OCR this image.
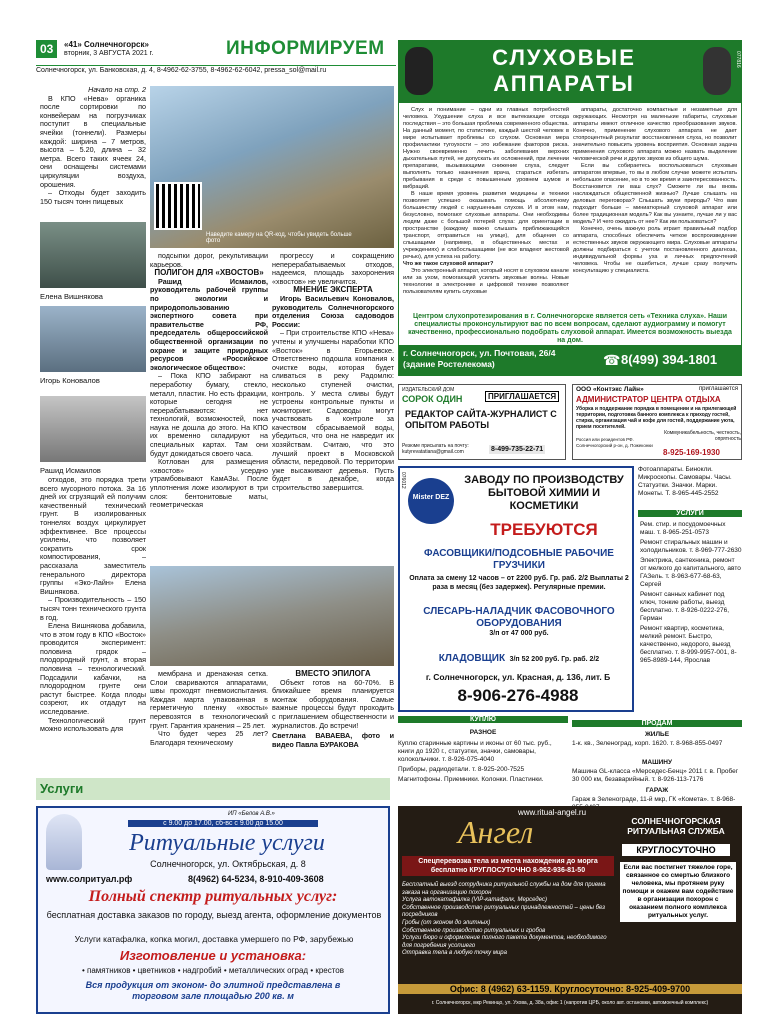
03 «41» Солнечногорск»
вторник, 3 АВГУСТА 2021 г.	ИНФОРМИРУЕМ
Солнечногорск, ул. Банковская, д. 4, 8-4962-62-3755, 8-4962-62-6042, pressa_sol@mail.ru
Начало на стр. 2

В КПО «Нева» органика после сортировки по конвейерам на погрузчиках поступит в специальные ячейки (тоннели). Размеры каждой: ширина – 7 метров, высота – 5.20, длина – 32 метра. Всего таких ячеек 24, они оснащены системами циркуляции воздуха, орошения.

– Отходы будет заходить 150 тысяч тонн пищевых

Наведите камеру на QR-код, чтобы увидеть больше фото
Елена Вишнякова
Игорь Коновалов
Рашид Исмаилов

подсыпки дорог, рекультивации карьеров.

ПОЛИГОН ДЛЯ «ХВОСТОВ»

Рашид Исмаилов, руководитель рабочей группы по экологии и природопользованию экспертного совета при правительстве РФ, председатель общероссийской общественной организации по охране и защите природных ресурсов «Российское экологическое общество»:

– Пока КПО забирают на переработку бумагу, стекло, металл, пластик. Но есть фракции, которые сегодня не перерабатываются: нет технологий, возможностей, пока наука не дошла до этого. На КПО их временно складируют на специальных картах. Там они будут дожидаться своего часа.

Котлован для размещения «хвостов» усердно утрамбовывают КамАЗы. После уплотнения ложе изолируют в три слоя: бентонитовые маты, геометрическая

прогрессу и сокращению неперерабатываемых отходов, надеемся, площадь захоронения «хвостов» не увеличится.

МНЕНИЕ ЭКСПЕРТА

Игорь Васильевич Коновалов, руководитель Солнечногорского отделения Союза садоводов России:

– При строительстве КПО «Нева» учтены и улучшены наработки КПО «Восток» в Егорьевске. Ответственно подошла компания к очистке воды, которая будет сливаться в реку Радомлю: несколько ступеней очистки, контроль. У места сливы будут устроены контрольные пункты и мониторинг. Садоводы могут участвовать в контроле за качеством сбрасываемой воды, убедиться, что она не навредит их хозяйствам. Считаю, что это лучший проект в Московской области, передовой. По территории уже высаживают деревья. Пусть будет в декабре, когда строительство завершится.

отходов, это порядка трети всего мусорного потока. За 16 дней их сгрузящий ей получим качественный технический грунт. В изолированных тоннелях воздух циркулирует эффективнее. Все процессы усилены, что позволяет сократить срок компостирования, – рассказала заместитель генерального директора группы «Эко-Лайн» Елена Вишнякова.

– Производительность – 150 тысяч тонн технического грунта в год.

Елена Вишнякова добавила, что в этом году в КПО «Восток» проводится эксперимент: половина грядок – плодородный грунт, а вторая половина – технологический. Подсадили кабачки, на плодородном грунте они растут быстрее. Когда плоды созреют, их отдадут на исследование.

Технологический грунт можно использовать для

мембрана и дренажная сетка. Слои свариваются аппаратами, швы проходят пневмоиспытания. Каждая марта упакованная в герметичную пленку «хвосты» перевозятся в технологический грунт. Гарантия хранения – 25 лет.

Что будет через 25 лет? Благодаря техническому

ВМЕСТО ЭПИЛОГА

Объект готов на 60-70%. В ближайшее время планируется монтаж оборудования. Самые важные процессы будут проходить с приглашением общественности и журналистов. До встречи!

Светлана ВАВАЕВА, фото и видео Павла БУРАКОВА
СЛУХОВЫЕ
АППАРАТЫ
077816

Слух и понимание – одни из главных потребностей человека. Ухудшение слуха и все вытекающие отсюда последствия – это большая проблема современного общества. На данный момент, по статистике, каждый шестой человек в мире испытывает проблемы со слухом. Основная мера профилактики тугоухости – это избежание факторов риска. Нужно своевременно лечить заболевания верхних дыхательных путей, не допускать их осложнений, при лечении препаратами, вызывающими снижение слуха, следует выполнять только назначения врача, стараться избегать пребывания в среде с повышенным уровнем шумов и вибраций.

В наше время уровень развития медицины и техники позволяет успешно оказывать помощь абсолютному большинству людей с нарушенным слухом. И в этом нам, безусловно, помогают слуховые аппараты. Они необходимы людям даже с большой потерей слуха: для ориентации в пространстве (каждому важно слышать приближающийся транспорт, отправиться на улице), для общения со слышащими (например, в общественных местах и учреждениях) и слабослышащими (не все владеют жестовой речью), для успеха на работу.

Что же такое слуховой аппарат?

Это электронный аппарат, который носят в слуховом канале или за ухом, помогающий усилить звуковые волны. Новые технологии в электронике и цифровой технике позволяют пользователям купить слуховые

аппараты, достаточно компактные и незаметные для окружающих. Несмотря на маленькие габариты, слуховые аппараты имеют отличное качество преобразования звуков. Конечно, применение слухового аппарата не дает стопроцентный результат восстановления слуха, но позволит значительно повысить уровень восприятия. Основная задача применения слухового аппарата можно назвать выделение человеческой речи и других звуков из общего шума.

Если вы собираетесь воспользоваться слуховым аппаратом впервые, то вы в любом случае можете испытать небольшое опасение, но в то же время и заинтересованность. Восстановится ли ваш слух? Сможете ли вы вновь наслаждаться общественной жизнью? Лучше слышать на деловых переговорах? Слышать звуки природы? Что вам подходит больше – миниатюрный слуховой аппарат или более традиционная модель? Как вы узнаете, лучше ли у вас модель? И чего ожидать от нее? Как им пользоваться?

Конечно, очень важную роль играет правильный подбор аппарата, способных обеспечить четкое воспроизведение естественных звуков окружающего мира. Слуховые аппараты должны подбираться с учетом постановленного диагноза, индивидуальной формы уха и личных предпочтений человека. Чтобы не ошибиться, лучше сразу получить консультацию у специалиста.

Центром слухопротезирования в г. Солнечногорске является сеть «Техника слуха». Наши специалисты проконсультируют вас по всем вопросам, сделают аудиограмму и помогут качественно, профессионально подобрать слуховой аппарат. Имеется возможность выезда на дом.
г. Солнечногорск, ул. Почтовая, 26/4 (здание Ростелекома)	☎ 8(499) 394-1801
ИЗДАТЕЛЬСКИЙ ДОМ
СОРОК ОДИН	ПРИГЛАШАЕТСЯ
РЕДАКТОР САЙТА-ЖУРНАЛИСТ С ОПЫТОМ РАБОТЫ
Резюме присылать на почту: kutyrevatatiana@gmail.com	8-499-735-22-71
ООО «Контэкс Лайн»	приглашается
АДМИНИСТРАТОР ЦЕНТРА ОТДЫХА
Уборка и поддержание порядка в помещении и на прилегающей территории, подготовка банного комплекса к приходу гостей, стирка, организация чай и кофе для гостей, поддержание уюта, прием посетителей.
Коммуникабельность, честность, опрятность
Россия или резидентов РФ. Солнечногорский р-он, д. Пожеконки
8-925-169-1930
076012
Mister DEZ
ЗАВОДУ ПО ПРОИЗВОДСТВУ БЫТОВОЙ ХИМИИ И КОСМЕТИКИ
ТРЕБУЮТСЯ
ФАСОВЩИКИ/ПОДСОБНЫЕ РАБОЧИЕ ГРУЗЧИКИ
Оплата за смену 12 часов – от 2200 руб. Гр. раб. 2/2 Выплаты 2 раза в месяц (без задержек). Регулярные премии.
СЛЕСАРЬ-НАЛАДЧИК ФАСОВОЧНОГО ОБОРУДОВАНИЯ
3/п от 47 000 руб.
КЛАДОВЩИК 3/п 52 200 руб. Гр. раб. 2/2
г. Солнечногорск, ул. Красная, д. 136, лит. Б
8-906-276-4988
Фотоаппараты. Бинокли. Микроскопы. Самовары. Часы. Статуэтки. Значки. Марки. Монеты. Т. 8-965-445-2552
УСЛУГИ
Рем. стир. и посудомоечных маш. т. 8-965-251-0573
Ремонт стиральных машин и холодильников. т. 8-969-777-2630
Электрика, сантехника, ремонт от мелкого до капитального, авто ГАЗель. т. 8-963-677-68-63, Сергей
Ремонт санных кабинет под ключ, тонкие работы, выезд бесплатно. т. 8-926-0222-276, Герман
Ремонт квартир, косметика, мелкий ремонт. Быстро, качественно, недорого, выезд бесплатно. т. 8-999-9957-001, 8-965-8989-144, Ярослав
ПРОДАМ
ЖИЛЬЕ
1-к. кв., Зеленоград, корп. 1620. т. 8-968-855-0497
МАШИНУ
Машина GL-класса «Мерседес-Бенц» 2011 г. в. Пробег 30 000 км, безаварийный. т. 8-926-113-7176
ГАРАЖ
Гараж в Зеленограде, 11-й мкр, ГК «Комета». т. 8-968-
КУПЛЮ
РАЗНОЕ
Куплю старинные картины и иконы от 60 тыс. руб., книги до 1920 г., статуэтки, значки, самовары, колокольчики. т. 8-926-075-4040
Приборы, радиодетали. т. 8-925-200-7525
Магнитофоны. Приемники. Колонки. Пластинки.
Услуги
ИП «Белов А.В.»
с 9.00 до 17.00, сб-вс с 9.00 до 15.00
Ритуальные услуги
Солнечногорск, ул. Октябрьская, д. 8
www.солритуал.рф	8(4962) 64-5234, 8-910-409-3608
Полный спектр ритуальных услуг:
бесплатная доставка заказов по городу, выезд агента, оформление документов
Услуги катафалка, копка могил, доставка умершего по РФ, зарубежью
Изготовление и установка:
• памятников • цветников • надгробий • металлических оград • крестов
Вся продукция от эконом- до элитной представлена в торговом зале площадью 200 кв. м
www.ritual-angel.ru
Ангел	СОЛНЕЧНОГОРСКАЯ РИТУАЛЬНАЯ СЛУЖБА
КРУГЛОСУТОЧНО
Спецперевозка тела из места нахождения до морга бесплатно КРУГЛОСУТОЧНО 8-962-936-81-50
Бесплатный выезд сотрудника ритуальной службы на дом для приема заказа на организацию похорон
Услуга автокатафалка (VIP-катафалк, Мерседес)
Собственное производство ритуальных принадлежностей – цены без посредников
Гробы (от эконом до элитных)
Собственное производство ритуальных и гробов
Услуги бюро и оформление полного пакета документов, необходимого для погребения усопшего
Отправка тела в любую точку мира
Если вас постигнет тяжелое горе, связанное со смертью близкого человека, мы протянем руку помощи и окажем вам содействие в организации похорон с оказанием полного комплекса ритуальных услуг.
Офис: 8 (4962) 63-1159. Круглосуточно: 8-925-409-9700
г. Солнечногорск, мкр Рекинцо, ул. Ухова, д. 38а, офис 1 (напротив ЦРБ, около авт. остановки, автомоечный комплекс)
